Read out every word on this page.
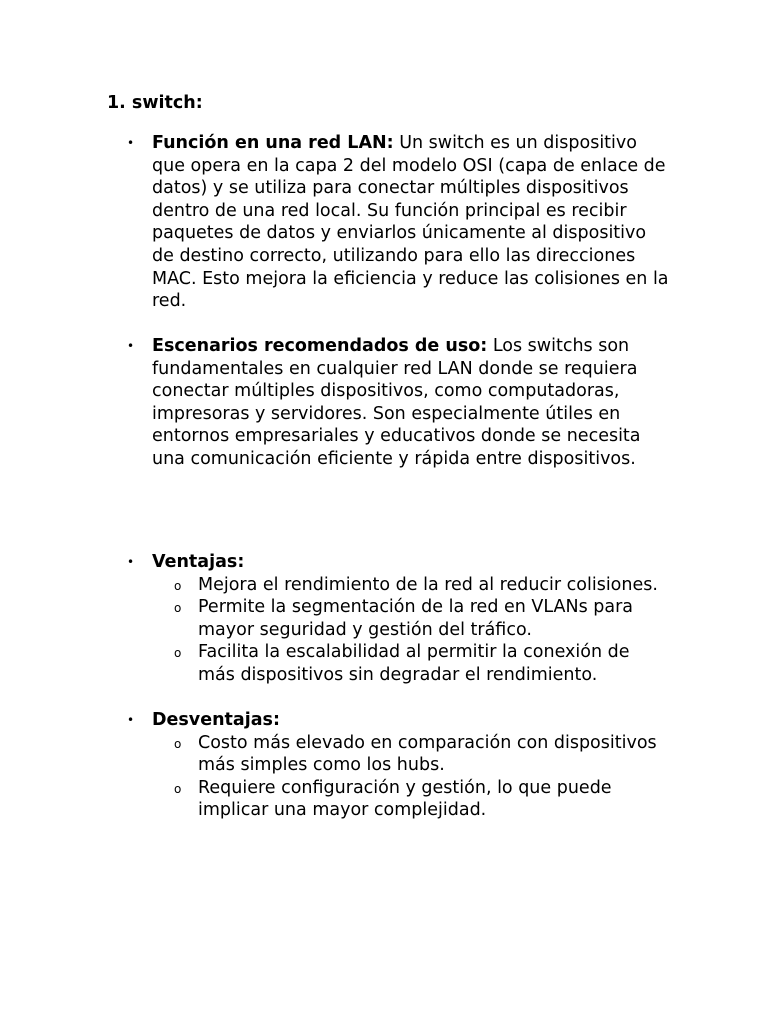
1. switch:
• Función en una red LAN: Un switch es un dispositivo que opera en la capa 2 del modelo OSI (capa de enlace de datos) y se utiliza para conectar múltiples dispositivos dentro de una red local. Su función principal es recibir paquetes de datos y enviarlos únicamente al dispositivo de destino correcto, utilizando para ello las direcciones MAC. Esto mejora la eficiencia y reduce las colisiones en la red.
• Escenarios recomendados de uso: Los switchs son fundamentales en cualquier red LAN donde se requiera conectar múltiples dispositivos, como computadoras, impresoras y servidores. Son especialmente útiles en entornos empresariales y educativos donde se necesita una comunicación eficiente y rápida entre dispositivos.
• Ventajas:
o Mejora el rendimiento de la red al reducir colisiones.
o Permite la segmentación de la red en VLANs para mayor seguridad y gestión del tráfico.
o Facilita la escalabilidad al permitir la conexión de más dispositivos sin degradar el rendimiento.
• Desventajas:
o Costo más elevado en comparación con dispositivos más simples como los hubs.
o Requiere configuración y gestión, lo que puede implicar una mayor complejidad.
